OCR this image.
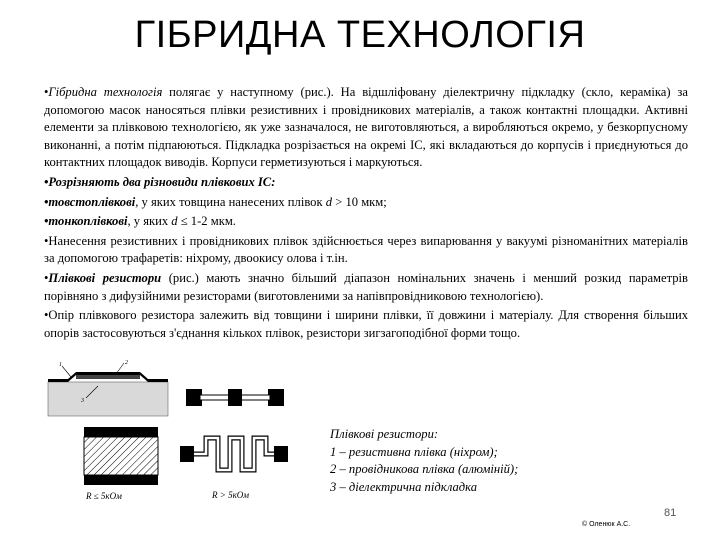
ГІБРИДНА ТЕХНОЛОГІЯ

•Гібридна технологія полягає у наступному (рис.). На відшліфовану діелектричну підкладку (скло, кераміка) за допомогою масок наносяться плівки резистивних і провідникових матеріалів, а також контактні площадки. Активні елементи за плівковою технологією, як уже зазначалося, не виготовляються, а виробляються окремо, у безкорпусному виконанні, а потім підпаюються. Підкладка розрізається на окремі ІС, які вкладаються до корпусів і приєднуються до контактних площадок виводів. Корпуси герметизуються і маркуються.

•Розрізняють два різновиди плівкових ІС:

•товстоплівкові, у яких товщина нанесених плівок d > 10 мкм;

•тонкоплівкові, у яких d ≤ 1-2 мкм.

•Нанесення резистивних і провідникових плівок здійснюється через випарювання у вакуумі різноманітних матеріалів за допомогою трафаретів: ніхрому, двоокису олова і т.ін.

•Плівкові резистори (рис.) мають значно більший діапазон номінальних значень і менший розкид параметрів порівняно з дифузійними резисторами (виготовленими за напівпровідниковою технологією).

•Опір плівкового резистора залежить від товщини і ширини плівки, її довжини і матеріалу. Для створення більших опорів застосовуються з'єднання кількох плівок, резистори зигзагоподібної форми тощо.

1	2
3
R ≤ 5кОм	R > 5кОм
Плівкові резистори:
1 – резистивна плівка (ніхром);
2 – провідникова плівка (алюміній);
3 – діелектрична підкладка
81
© Оленюк А.С.
